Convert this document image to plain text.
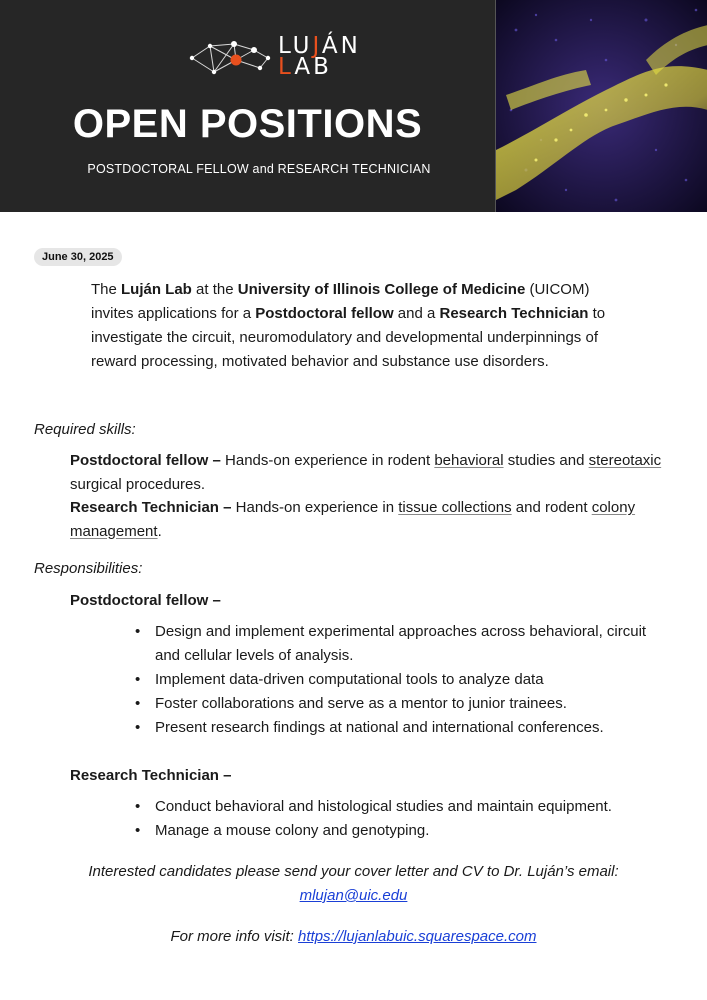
LUJÁN
LAB
OPEN POSITIONS
POSTDOCTORAL FELLOW and RESEARCH TECHNICIAN
June 30, 2025

The Luján Lab at the University of Illinois College of Medicine (UICOM) invites applications for a Postdoctoral fellow and a Research Technician to investigate the circuit, neuromodulatory and developmental underpinnings of reward processing, motivated behavior and substance use disorders.

Required skills:
Postdoctoral fellow – Hands-on experience in rodent behavioral studies and stereotaxic surgical procedures.
Research Technician – Hands-on experience in tissue collections and rodent colony management.
Responsibilities:
Postdoctoral fellow –
• Design and implement experimental approaches across behavioral, circuit and cellular levels of analysis.
• Implement data-driven computational tools to analyze data
• Foster collaborations and serve as a mentor to junior trainees.
• Present research findings at national and international conferences.
Research Technician –
• Conduct behavioral and histological studies and maintain equipment.
• Manage a mouse colony and genotyping.
Interested candidates please send your cover letter and CV to Dr. Luján’s email:
mlujan@uic.edu
For more info visit: https://lujanlabuic.squarespace.com
